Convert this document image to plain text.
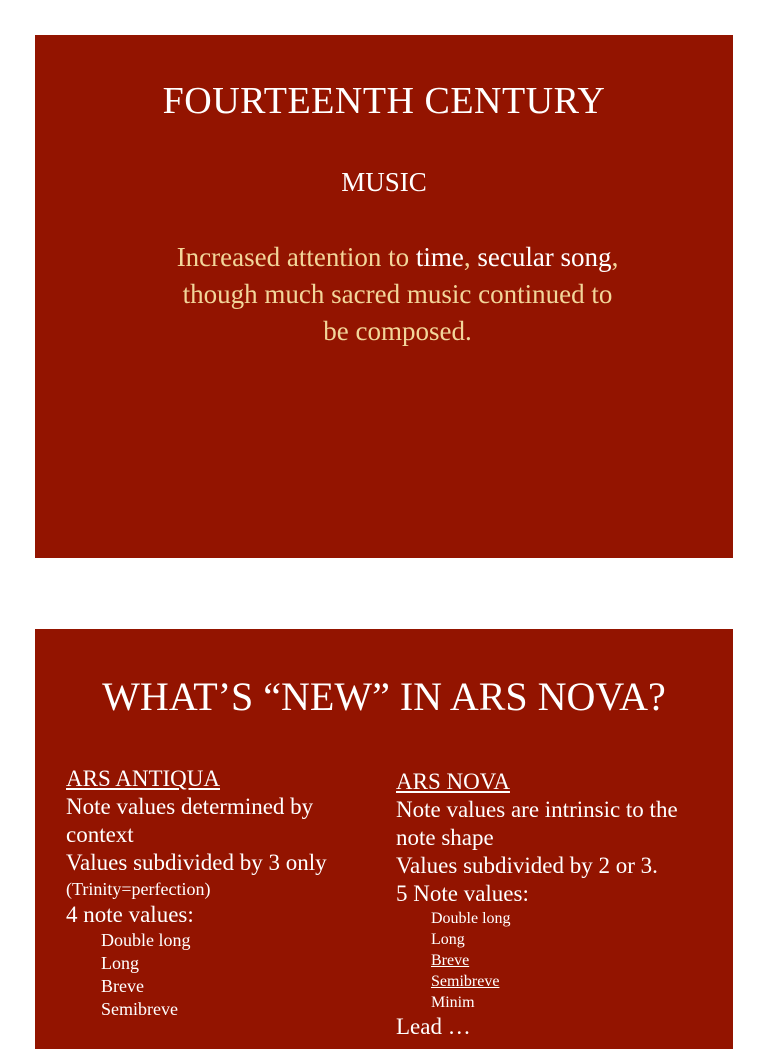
FOURTEENTH CENTURY
MUSIC
Increased attention to time, secular song, though much sacred music continued to be composed.
WHAT’S “NEW” IN ARS NOVA?
ARS ANTIQUA
Note values determined by
context
Values subdivided by 3 only
(Trinity=perfection)
4 note values:
Double long
Long
Breve
Semibreve
ARS NOVA
Note values are intrinsic to the
note shape
Values subdivided by 2 or 3.
5 Note values:
Double long
Long
Breve
Semibreve
Minim
Lead …
